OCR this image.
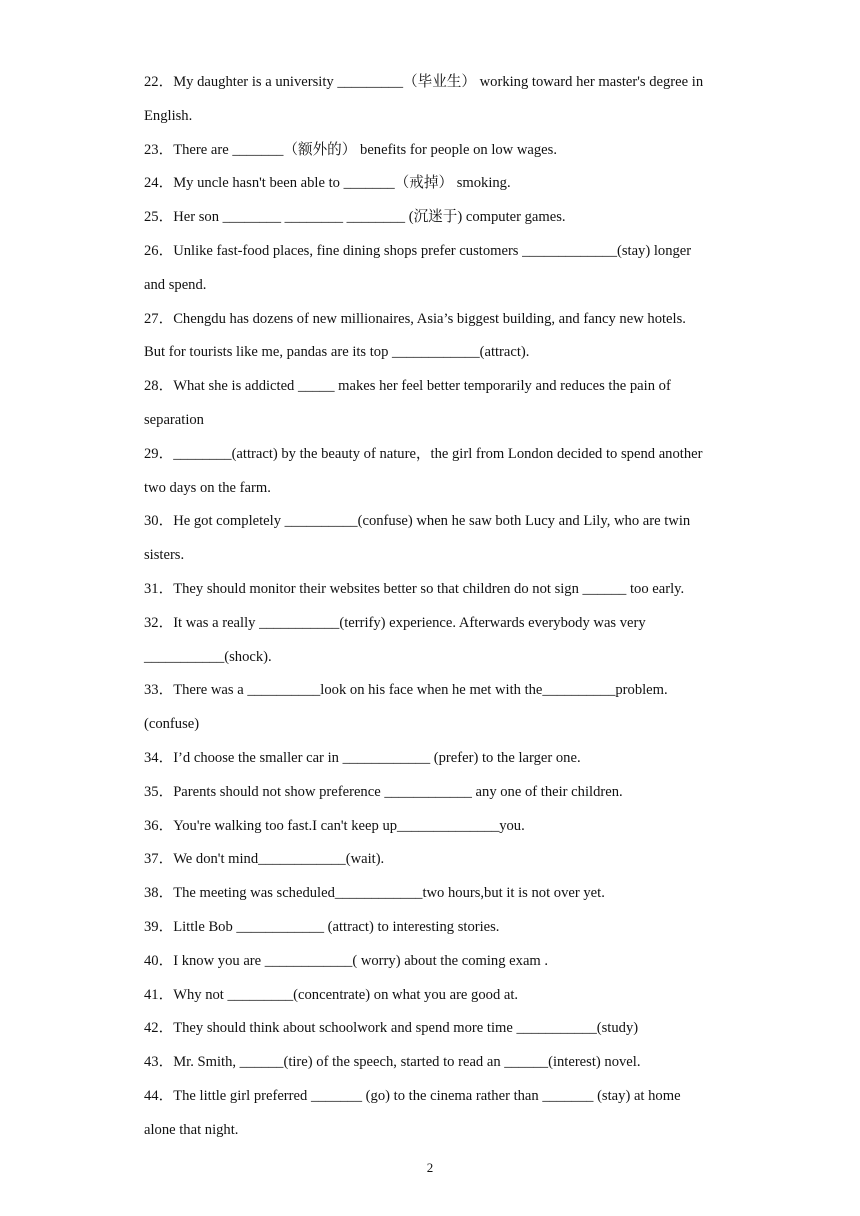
22．My daughter is a university _________（毕业生） working toward her master's degree in
English.
23．There are _______（额外的） benefits for people on low wages.
24．My uncle hasn't been able to _______（戒掉） smoking.
25．Her son ________ ________ ________ (沉迷于) computer games.
26．Unlike fast-food places, fine dining shops prefer customers _____________(stay) longer
and spend.
27．Chengdu has dozens of new millionaires, Asia’s biggest building, and fancy new hotels.
But for tourists like me, pandas are its top ____________(attract).
28．What she is addicted _____ makes her feel better temporarily and reduces the pain of
separation
29．________(attract) by the beauty of nature，the girl from London decided to spend another
two days on the farm.
30．He got completely __________(confuse) when he saw both Lucy and Lily, who are twin
sisters.
31．They should monitor their websites better so that children do not sign ______ too early.
32．It was a really ___________(terrify) experience. Afterwards everybody was very
___________(shock).
33．There was a __________look on his face when he met with the__________problem.
(confuse)
34．I’d choose the smaller car in ____________ (prefer) to the larger one.
35．Parents should not show preference ____________ any one of their children.
36．You're walking too fast.I can't keep up______________you.
37．We don't mind____________(wait).
38．The meeting was scheduled____________two hours,but it is not over yet.
39．Little Bob ____________ (attract) to interesting stories.
40．I know you are ____________( worry) about the coming exam .
41．Why not _________(concentrate) on what you are good at.
42．They should think about schoolwork and spend more time ___________(study)
43．Mr. Smith, ______(tire) of the speech, started to read an ______(interest) novel.
44．The little girl preferred _______ (go) to the cinema rather than _______ (stay) at home
alone that night.
2
